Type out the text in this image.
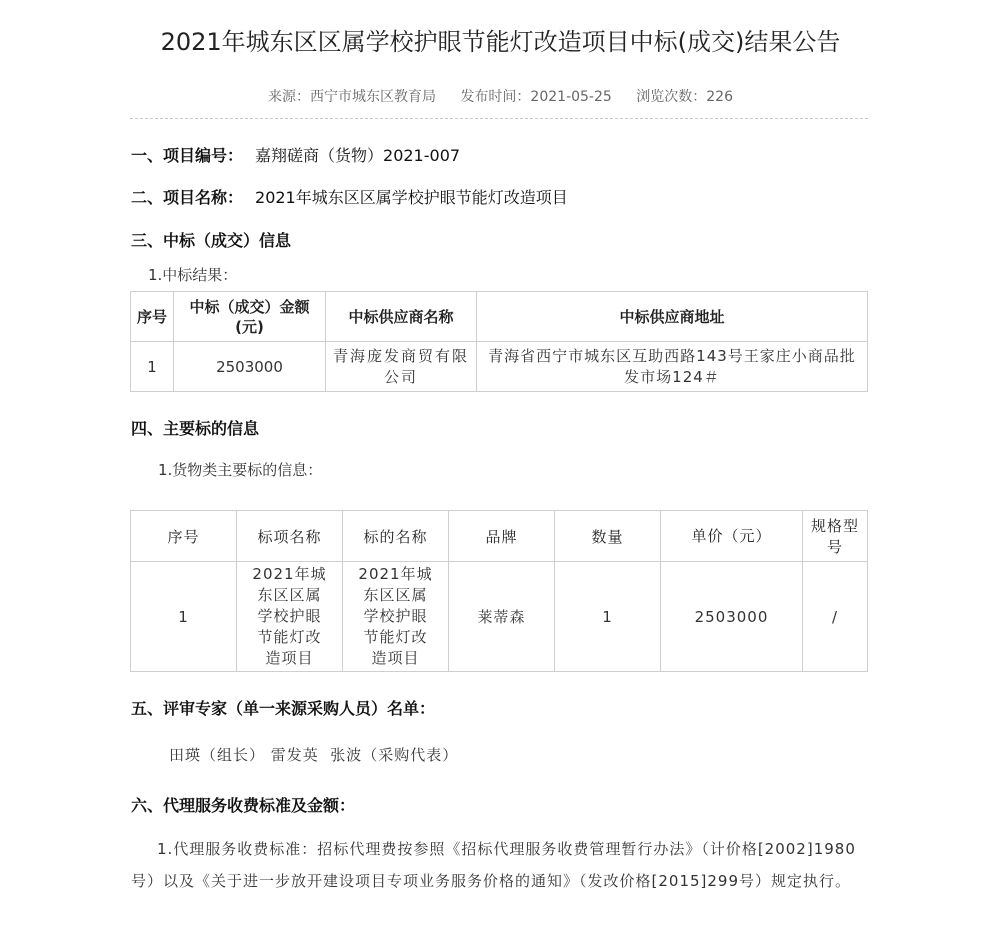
2021年城东区区属学校护眼节能灯改造项目中标(成交)结果公告
来源：西宁市城东区教育局 发布时间：2021-05-25 浏览次数：226
一、项目编号： 嘉翔磋商（货物）2021-007
二、项目名称： 2021年城东区区属学校护眼节能灯改造项目
三、中标（成交）信息
1.中标结果：
序号	中标（成交）金额(元)	中标供应商名称	中标供应商地址
1	2503000	青海庞发商贸有限公司	青海省西宁市城东区互助西路143号王家庄小商品批发市场124＃
四、主要标的信息
1.货物类主要标的信息：
序号	标项名称	标的名称	品牌	数量	单价（元）	规格型号
1	2021年城东区区属学校护眼节能灯改造项目	2021年城东区区属学校护眼节能灯改造项目	莱蒂森	1	2503000	/
五、评审专家（单一来源采购人员）名单：
田瑛（组长） 雷发英  张波（采购代表）
六、代理服务收费标准及金额：

1.代理服务收费标准：招标代理费按参照《招标代理服务收费管理暂行办法》（计价格[2002]1980号）以及《关于进一步放开建设项目专项业务服务价格的通知》（发改价格[2015]299号）规定执行。
